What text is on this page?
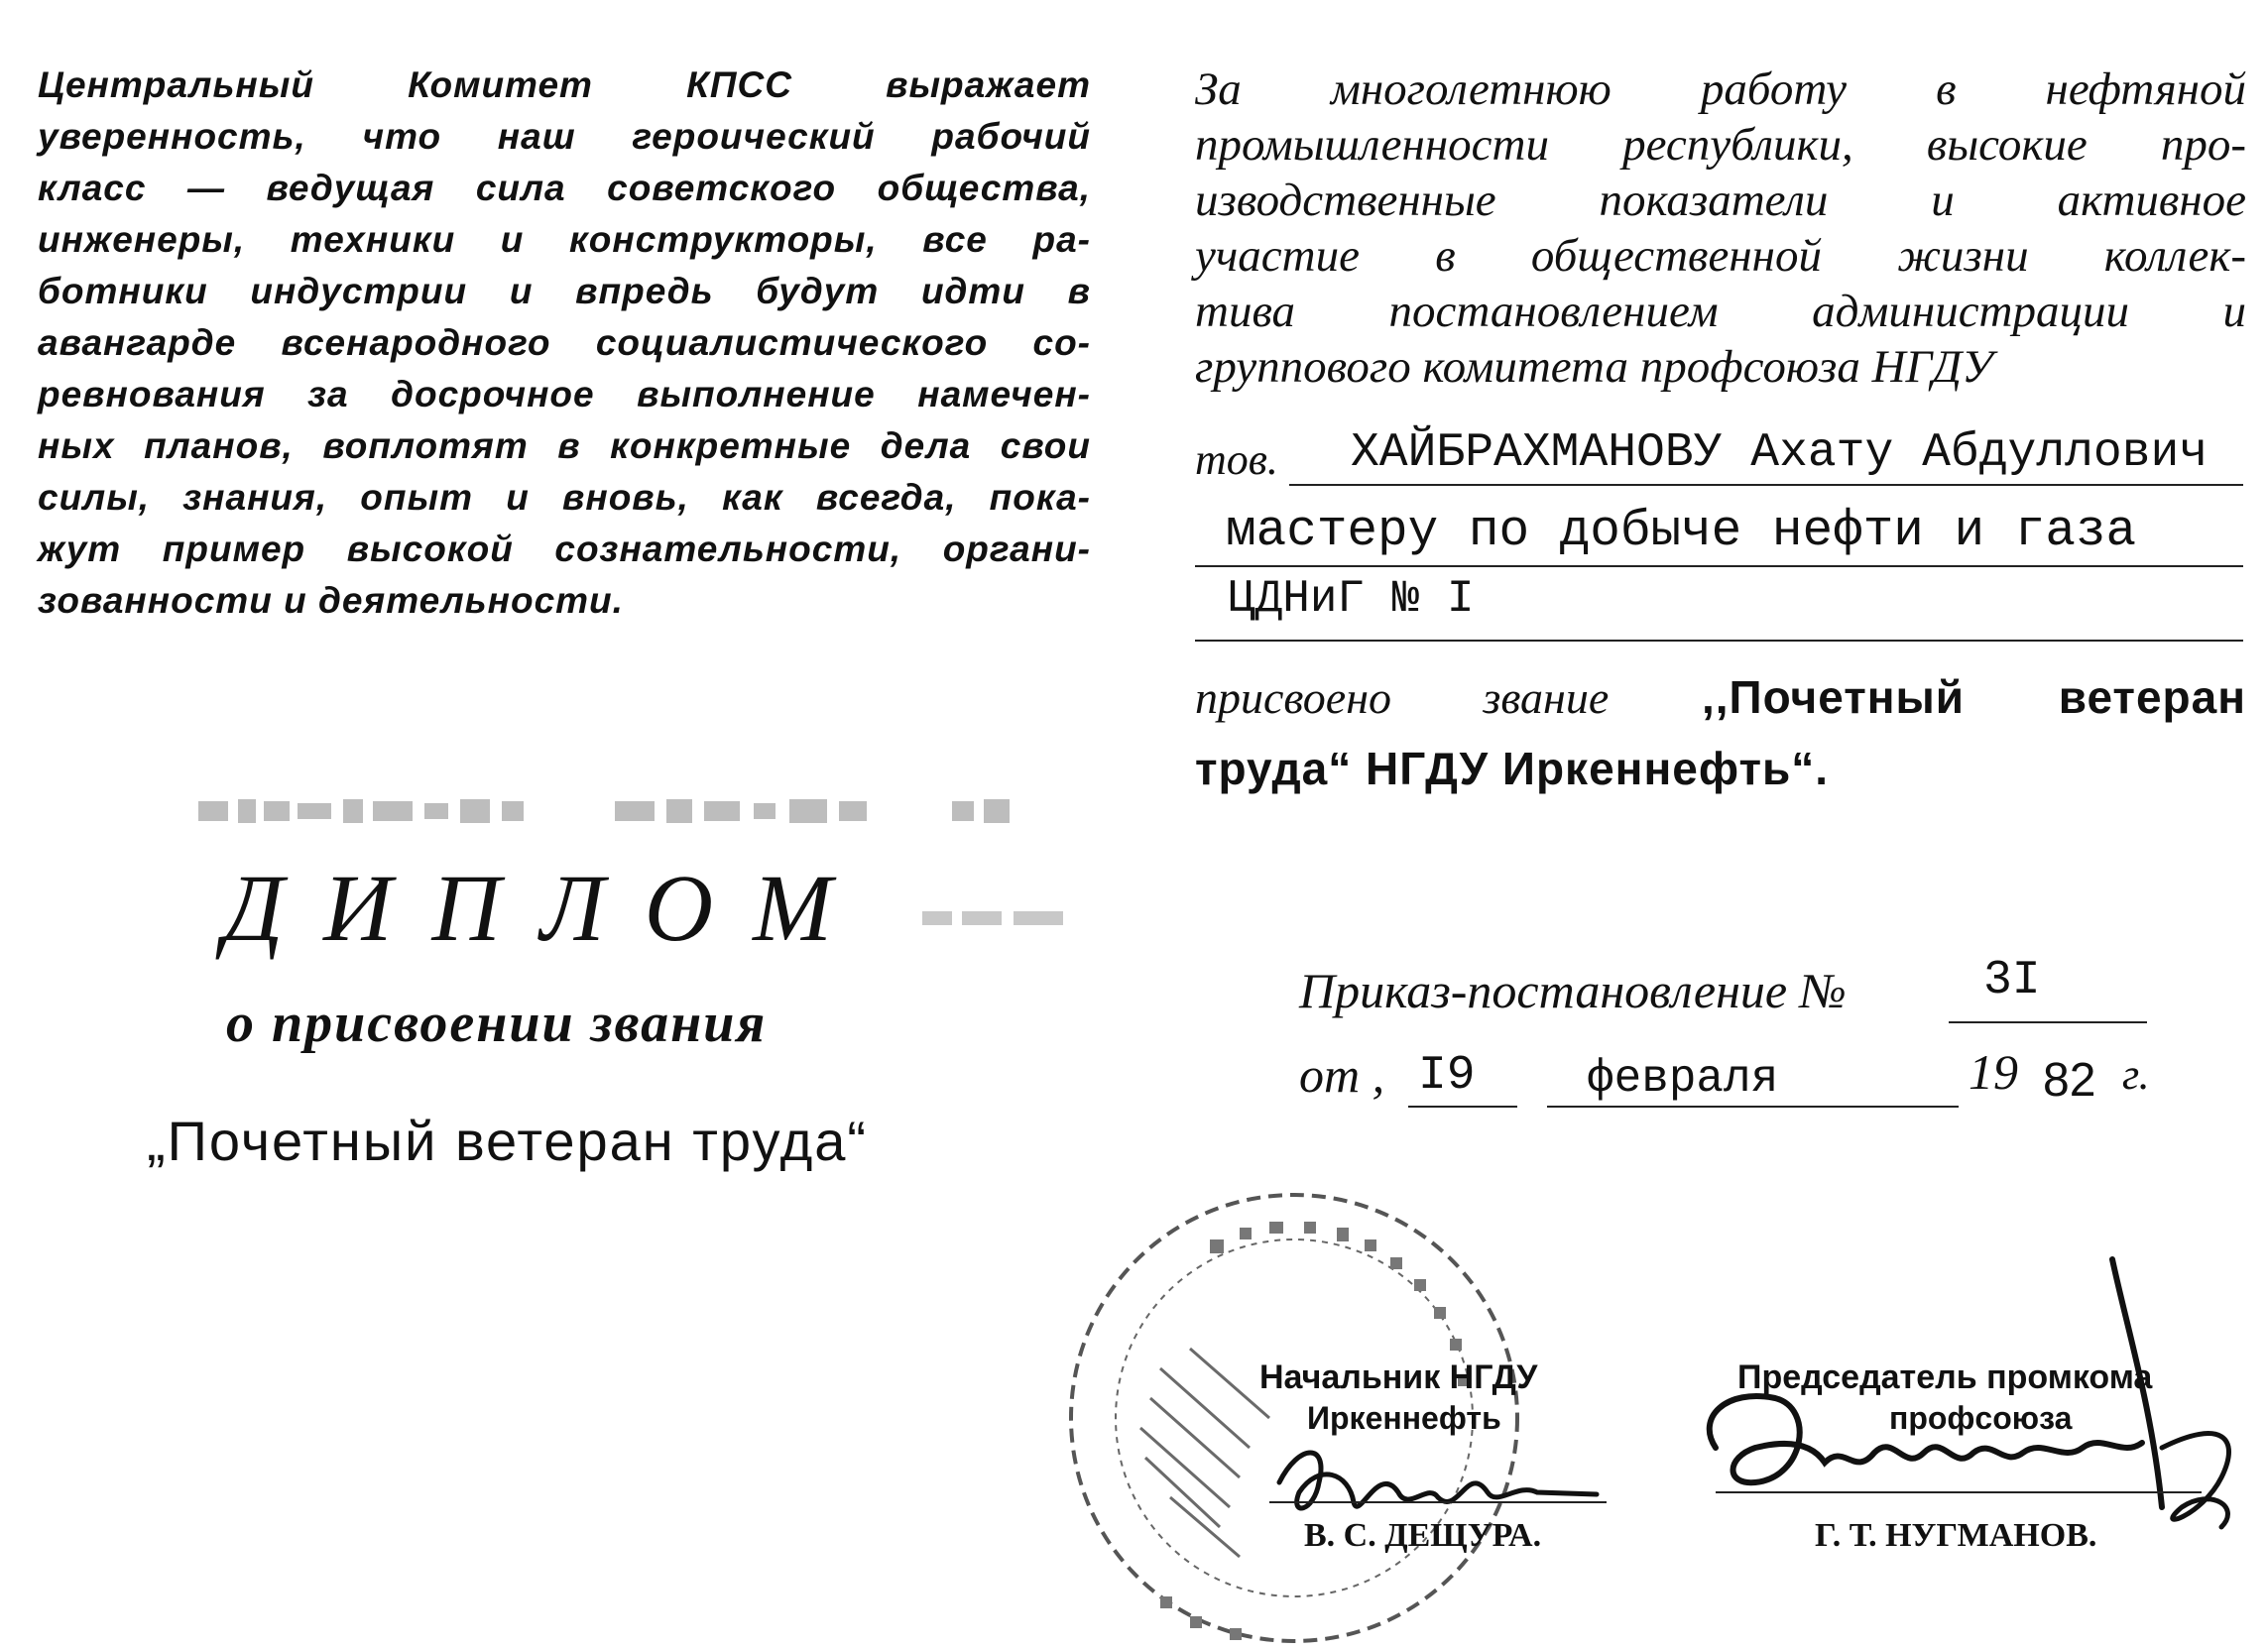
Центральный Комитет КПСС выражает
уверенность, что наш героический рабочий
класс — ведущая сила советского общества,
инженеры, техники и конструкторы, все ра-
ботники индустрии и впредь будут идти в
авангарде всенародного социалистического со-
ревнования за досрочное выполнение намечен-
ных планов, воплотят в конкретные дела свои
силы, знания, опыт и вновь, как всегда, пока-
жут пример высокой сознательности, органи-
зованности и деятельности.
ДИПЛОМ
о присвоении звания
„Почетный ветеран труда“
За многолетнюю работу в нефтяной
промышленности республики, высокие про-
изводственные показатели и активное
участие в общественной жизни коллек-
тива постановлением администрации и
группового комитета профсоюза НГДУ
тов. ХАЙБРАХМАНОВУ Ахату Абдуллович
мастеру по добыче нефти и газа
ЦДНиГ № I
присвоено звание ,,Почетный ветеран
труда“ НГДУ Иркеннефть“.
Приказ-постановление №	3I
от , I9 февраля	19 82 г.
Начальник НГДУ
Иркеннефть
В. С. ДЕЩУРА.
Председатель промкома
профсоюза
Г. Т. НУГМАНОВ.
